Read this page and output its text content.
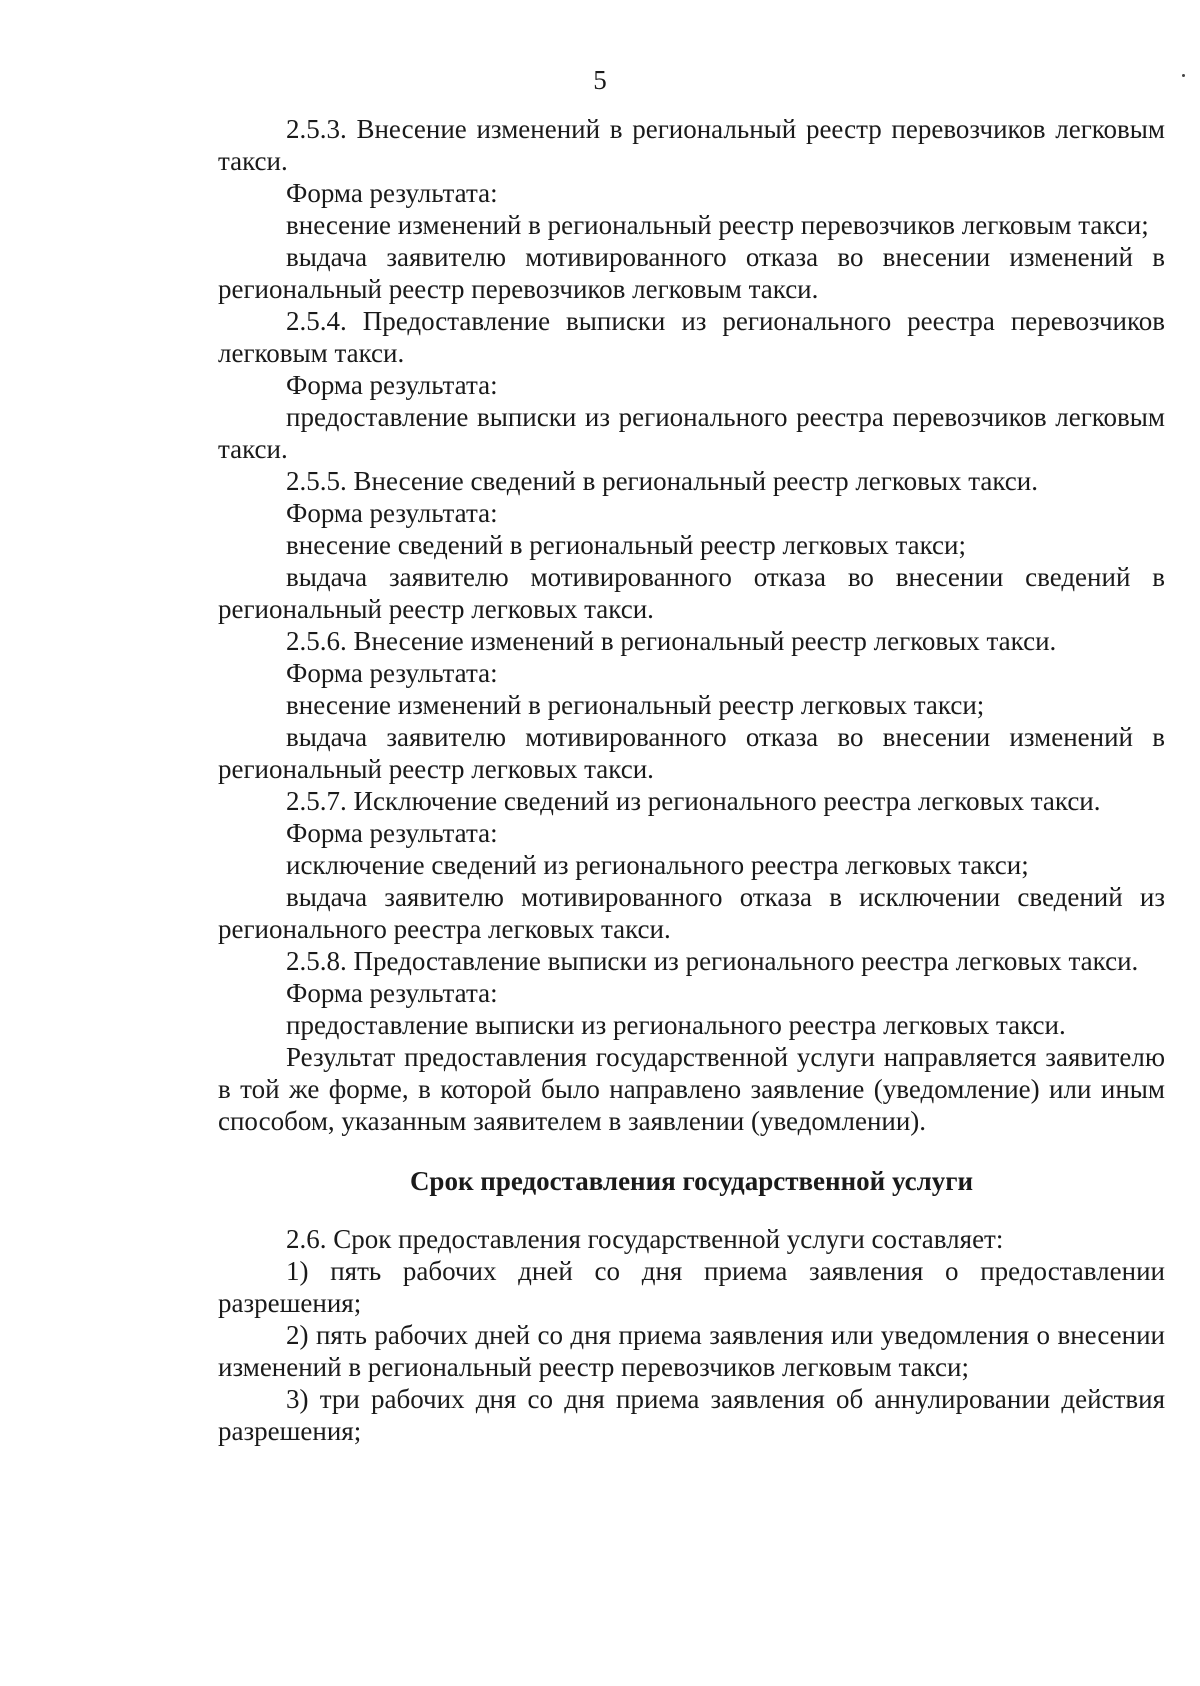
5

2.5.3. Внесение изменений в региональный реестр перевозчиков легковым такси.

Форма результата:

внесение изменений в региональный реестр перевозчиков легковым такси;

выдача заявителю мотивированного отказа во внесении изменений в региональный реестр перевозчиков легковым такси.

2.5.4. Предоставление выписки из регионального реестра перевозчиков легковым такси.

Форма результата:

предоставление выписки из регионального реестра перевозчиков легковым такси.

2.5.5. Внесение сведений в региональный реестр легковых такси.

Форма результата:

внесение сведений в региональный реестр легковых такси;

выдача заявителю мотивированного отказа во внесении сведений в региональный реестр легковых такси.

2.5.6. Внесение изменений в региональный реестр легковых такси.

Форма результата:

внесение изменений в региональный реестр легковых такси;

выдача заявителю мотивированного отказа во внесении изменений в региональный реестр легковых такси.

2.5.7. Исключение сведений из регионального реестра легковых такси.

Форма результата:

исключение сведений из регионального реестра легковых такси;

выдача заявителю мотивированного отказа в исключении сведений из регионального реестра легковых такси.

2.5.8. Предоставление выписки из регионального реестра легковых такси.

Форма результата:

предоставление выписки из регионального реестра легковых такси.

Результат предоставления государственной услуги направляется заявителю в той же форме, в которой было направлено заявление (уведомление) или иным способом, указанным заявителем в заявлении (уведомлении).

Срок предоставления государственной услуги

2.6. Срок предоставления государственной услуги составляет:

1) пять рабочих дней со дня приема заявления о предоставлении разрешения;

2) пять рабочих дней со дня приема заявления или уведомления о внесении изменений в региональный реестр перевозчиков легковым такси;

3) три рабочих дня со дня приема заявления об аннулировании действия разрешения;
